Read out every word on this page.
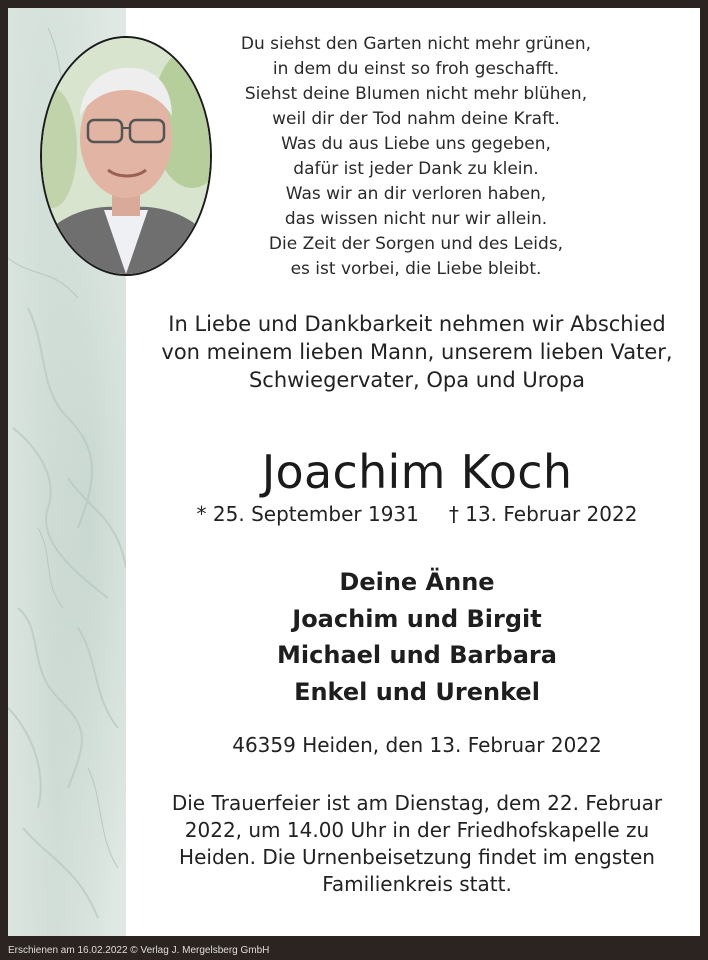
Du siehst den Garten nicht mehr grünen,
in dem du einst so froh geschafft.
Siehst deine Blumen nicht mehr blühen,
weil dir der Tod nahm deine Kraft.
Was du aus Liebe uns gegeben,
dafür ist jeder Dank zu klein.
Was wir an dir verloren haben,
das wissen nicht nur wir allein.
Die Zeit der Sorgen und des Leids,
es ist vorbei, die Liebe bleibt.
In Liebe und Dankbarkeit nehmen wir Abschied
von meinem lieben Mann, unserem lieben Vater,
Schwiegervater, Opa und Uropa
Joachim Koch
* 25. September 1931 † 13. Februar 2022
Deine Änne
Joachim und Birgit
Michael und Barbara
Enkel und Urenkel
46359 Heiden, den 13. Februar 2022
Die Trauerfeier ist am Dienstag, dem 22. Februar
2022, um 14.00 Uhr in der Friedhofskapelle zu
Heiden. Die Urnenbeisetzung findet im engsten
Familienkreis statt.
Erschienen am 16.02.2022 © Verlag J. Mergelsberg GmbH
